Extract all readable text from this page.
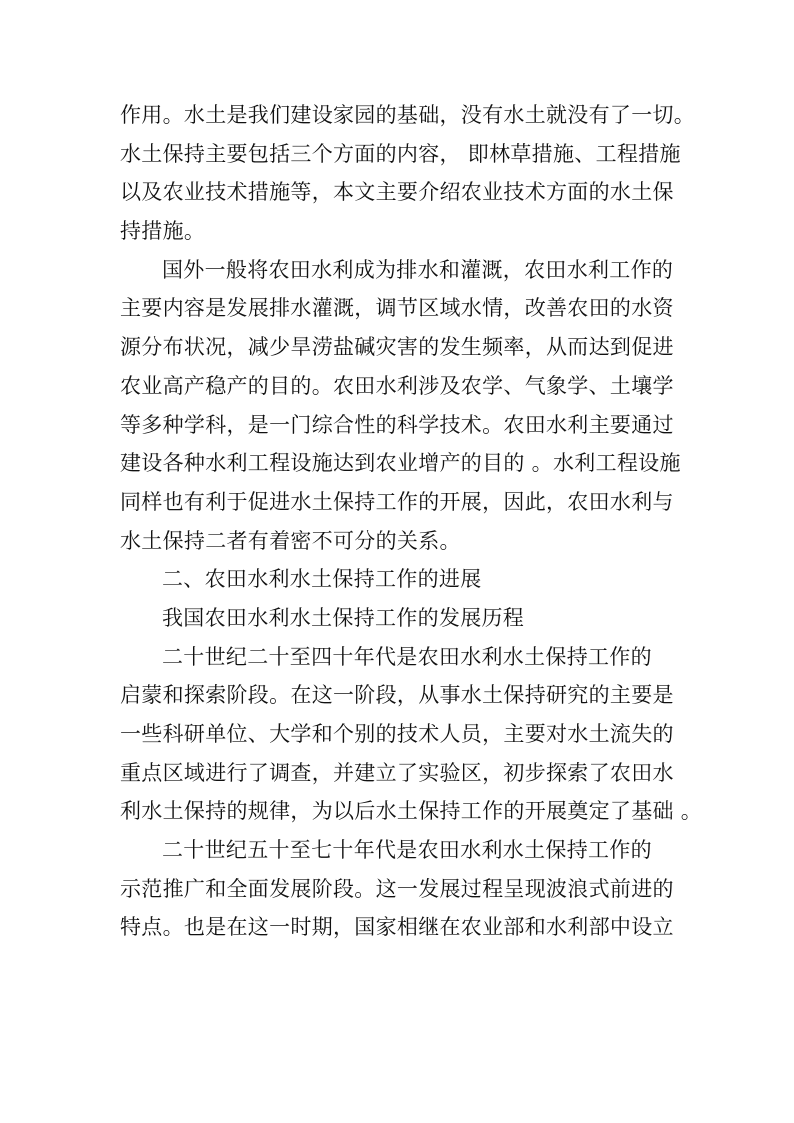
作用。水土是我们建设家园的基础，没有水土就没有了一切。
水土保持主要包括三个方面的内容， 即林草措施、工程措施
以及农业技术措施等，本文主要介绍农业技术方面的水土保
持措施。
国外一般将农田水利成为排水和灌溉，农田水利工作的
主要内容是发展排水灌溉，调节区域水情，改善农田的水资
源分布状况，减少旱涝盐碱灾害的发生频率，从而达到促进
农业高产稳产的目的。农田水利涉及农学、气象学、土壤学
等多种学科，是一门综合性的科学技术。农田水利主要通过
建设各种水利工程设施达到农业增产的目的 。水利工程设施
同样也有利于促进水土保持工作的开展，因此，农田水利与
水土保持二者有着密不可分的关系。
二、农田水利水土保持工作的进展
我国农田水利水土保持工作的发展历程
二十世纪二十至四十年代是农田水利水土保持工作的
启蒙和探索阶段。在这一阶段，从事水土保持研究的主要是
一些科研单位、大学和个别的技术人员，主要对水土流失的
重点区域进行了调查，并建立了实验区，初步探索了农田水
利水土保持的规律，为以后水土保持工作的开展奠定了基础 。
二十世纪五十至七十年代是农田水利水土保持工作的
示范推广和全面发展阶段。这一发展过程呈现波浪式前进的
特点。也是在这一时期，国家相继在农业部和水利部中设立
